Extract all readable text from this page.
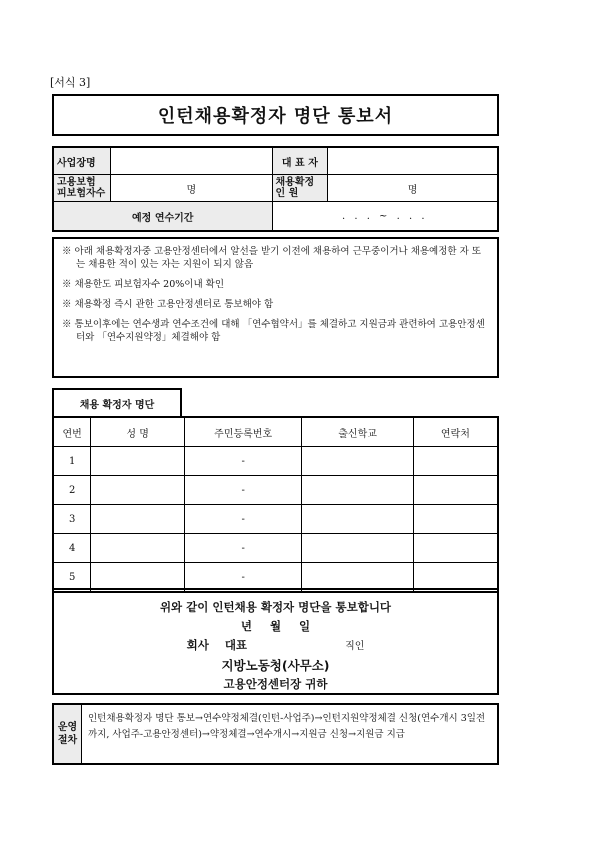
[서식 3]
인턴채용확정자 명단 통보서
사업장명		대 표 자	
고용보험 피보험자수	명	채용확정 인 원	명
예정 연수기간		. . . ~ . . .	
※ 아래 채용확정자중 고용안정센터에서 알선을 받기 이전에 채용하여 근무중이거나 채용예정한 자 또는 채용한 적이 있는 자는 지원이 되지 않음
※ 채용한도 피보험자수 20%이내 확인
※ 채용확정 즉시 관한 고용안정센터로 통보해야 함
※ 통보이후에는 연수생과 연수조건에 대해 「연수협약서」를 체결하고 지원금과 관련하여 고용안정센터와 「연수지원약정」체결해야 함
채용 확정자 명단
연번	성 명	주민등록번호	출신학교	연락처
1		-		
2		-		
3		-		
4		-		
5		-		
위와 같이 인턴채용 확정자 명단을 통보합니다
년 월 일
회사 대표	직인
지방노동청(사무소)
고용안정센터장 귀하
운영 절차
인턴채용확정자 명단 통보→연수약정체결(인턴-사업주)→인턴지원약정체결 신청(연수개시 3일전까지, 사업주-고용안정센터)→약정체결→연수개시→지원금 신청→지원금 지급
